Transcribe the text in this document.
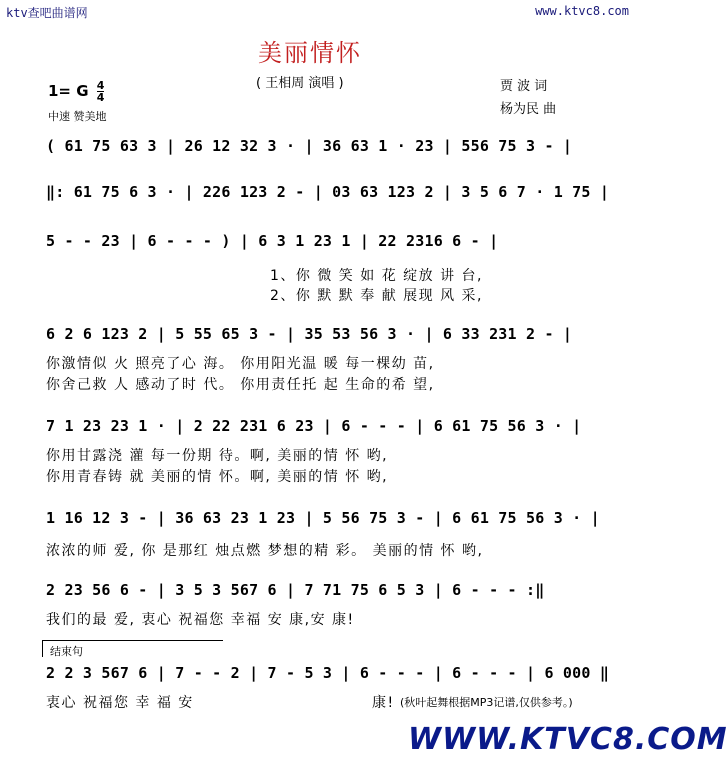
ktv查吧曲谱网	www.ktvc8.com
美丽情怀
( 王相周 演唱 )	贾 波 词
杨为民 曲
1= G $\frac{4}{4}$
中速 赞美地
( 61 75 63 3 | 26 12 32 3 · | 36 63 1 · 23 | 556 75 3 - |
‖: 61 75 6 3 · | 226 123 2 - | 03 63 123 2 | 3 5 6 7 · 1 75 |
5 - - 23 | 6 - - - ) | 6 3 1 23 1 | 22 2316 6 - |
1、你 微 笑 如 花 绽放 讲 台,
2、你 默 默 奉 献 展现 风 采,
6 2 6 123 2 | 5 55 65 3 - | 35 53 56 3 · | 6 33 231 2 - |
你激情似 火 照亮了心 海。 你用阳光温 暖 每一棵幼 苗,
你舍己救 人 感动了时 代。 你用责任托 起 生命的希 望,
7 1 23 23 1 · | 2 22 231 6 23 | 6 - - - | 6 61 75 56 3 · |
你用甘露浇 灌 每一份期 待。啊, 美丽的情 怀 哟,
你用青春铸 就 美丽的情 怀。啊, 美丽的情 怀 哟,
1 16 12 3 - | 36 63 23 1 23 | 5 56 75 3 - | 6 61 75 56 3 · |
浓浓的师 爱, 你 是那红 烛点燃 梦想的精 彩。 美丽的情 怀 哟,
2 23 56 6 - | 3 5 3 567 6 | 7 71 75 6 5 3 | 6 - - - :‖
我们的最 爱, 衷心 祝福您 幸福 安 康,安 康!
结束句
2 2 3 567 6 | 7 - - 2 | 7 - 5 3 | 6 - - - | 6 - - - | 6 000 ‖
衷心 祝福您 幸 福 安	康! (秋叶起舞根据MP3记谱,仅供参考。)
WWW.KTVC8.COM
